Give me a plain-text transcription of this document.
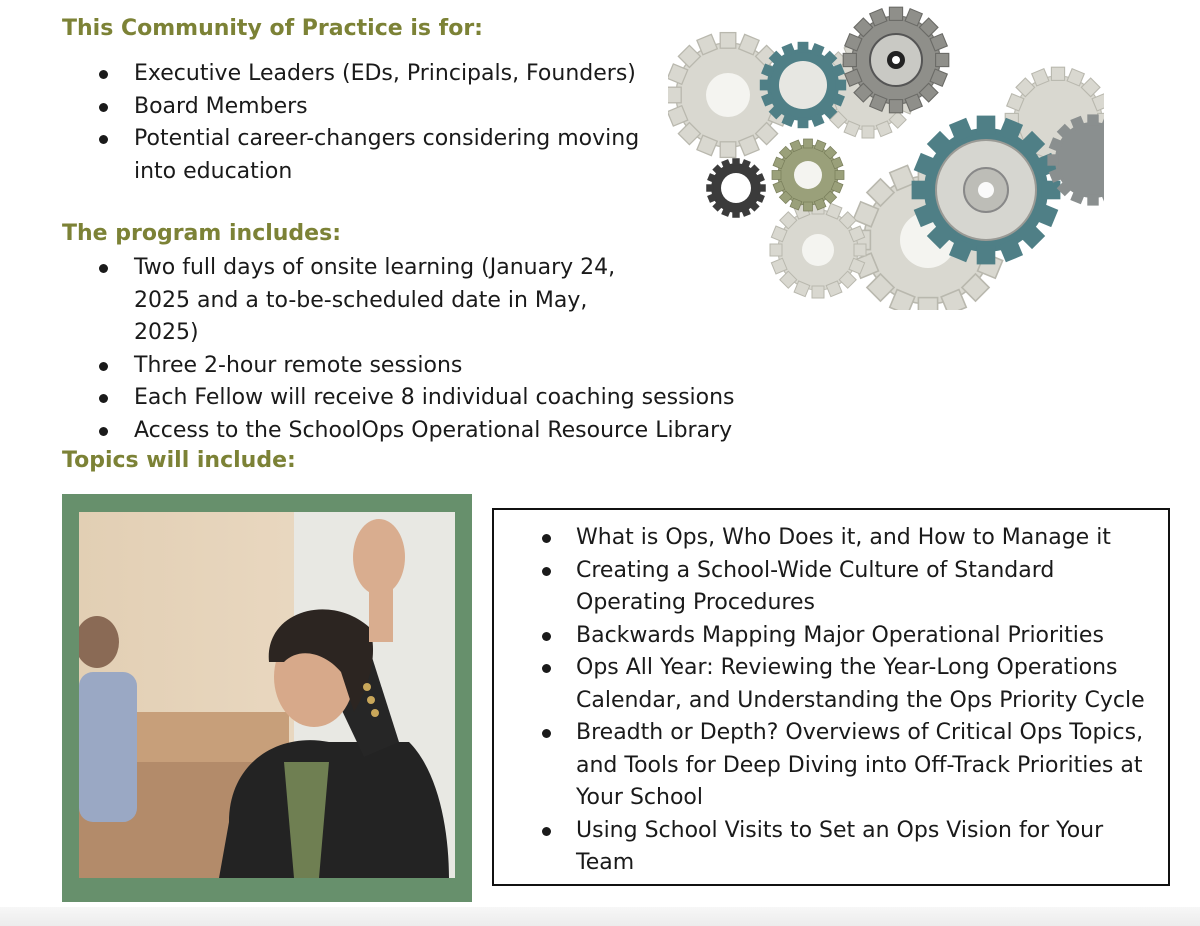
This Community of Practice is for:
Executive Leaders (EDs, Principals, Founders)
Board Members
Potential career-changers considering moving into education
The program includes:
Two full days of onsite learning (January 24, 2025 and a to-be-scheduled date in May, 2025)
Three 2-hour remote sessions
Each Fellow will receive 8 individual coaching sessions
Access to the SchoolOps Operational Resource Library
Topics will include:
What is Ops, Who Does it, and How to Manage it
Creating a School-Wide Culture of Standard Operating Procedures
Backwards Mapping Major Operational Priorities
Ops All Year: Reviewing the Year-Long Operations Calendar, and Understanding the Ops Priority Cycle
Breadth or Depth? Overviews of Critical Ops Topics, and Tools for Deep Diving into Off-Track Priorities at Your School
Using School Visits to Set an Ops Vision for Your Team
